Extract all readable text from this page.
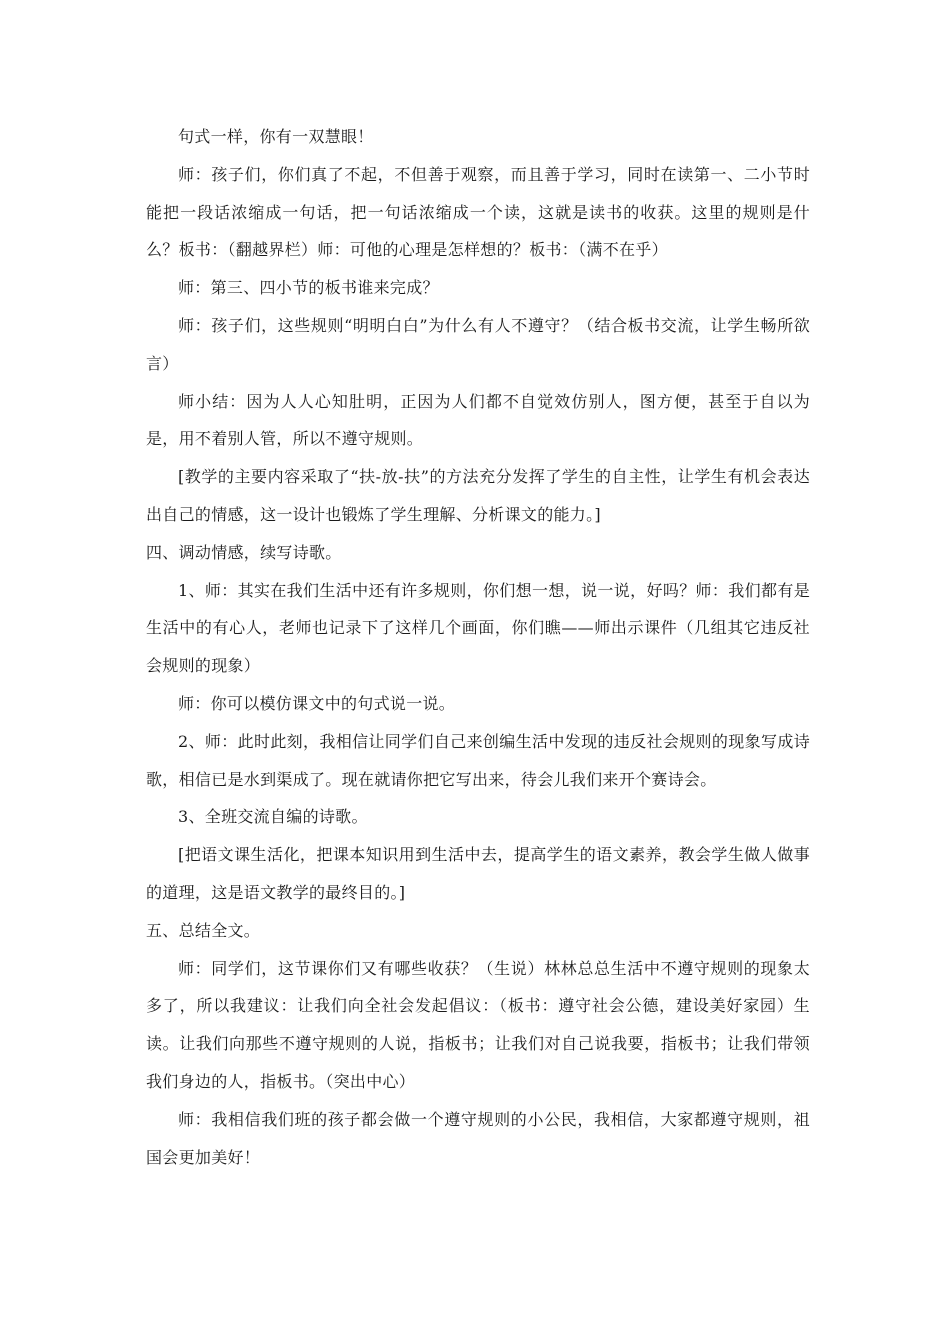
句式一样，你有一双慧眼！

师：孩子们，你们真了不起，不但善于观察，而且善于学习，同时在读第一、二小节时能把一段话浓缩成一句话，把一句话浓缩成一个读，这就是读书的收获。这里的规则是什么？板书：（翻越界栏）师：可他的心理是怎样想的？板书：（满不在乎）

师：第三、四小节的板书谁来完成？

师：孩子们，这些规则“明明白白”为什么有人不遵守？（结合板书交流，让学生畅所欲言）

师小结：因为人人心知肚明，正因为人们都不自觉效仿别人，图方便，甚至于自以为是，用不着别人管，所以不遵守规则。

[教学的主要内容采取了“扶-放-扶”的方法充分发挥了学生的自主性，让学生有机会表达出自己的情感，这一设计也锻炼了学生理解、分析课文的能力。]

四、调动情感，续写诗歌。

1、师：其实在我们生活中还有许多规则，你们想一想，说一说，好吗？师：我们都有是生活中的有心人，老师也记录下了这样几个画面，你们瞧——师出示课件（几组其它违反社会规则的现象）

师：你可以模仿课文中的句式说一说。

2、师：此时此刻，我相信让同学们自己来创编生活中发现的违反社会规则的现象写成诗歌，相信已是水到渠成了。现在就请你把它写出来，待会儿我们来开个赛诗会。

3、全班交流自编的诗歌。

[把语文课生活化，把课本知识用到生活中去，提高学生的语文素养，教会学生做人做事的道理，这是语文教学的最终目的。]

五、总结全文。

师：同学们，这节课你们又有哪些收获？（生说）林林总总生活中不遵守规则的现象太多了，所以我建议：让我们向全社会发起倡议：（板书：遵守社会公德，建设美好家园）生读。让我们向那些不遵守规则的人说，指板书；让我们对自己说我要，指板书；让我们带领我们身边的人，指板书。（突出中心）

师：我相信我们班的孩子都会做一个遵守规则的小公民，我相信，大家都遵守规则，祖国会更加美好！
